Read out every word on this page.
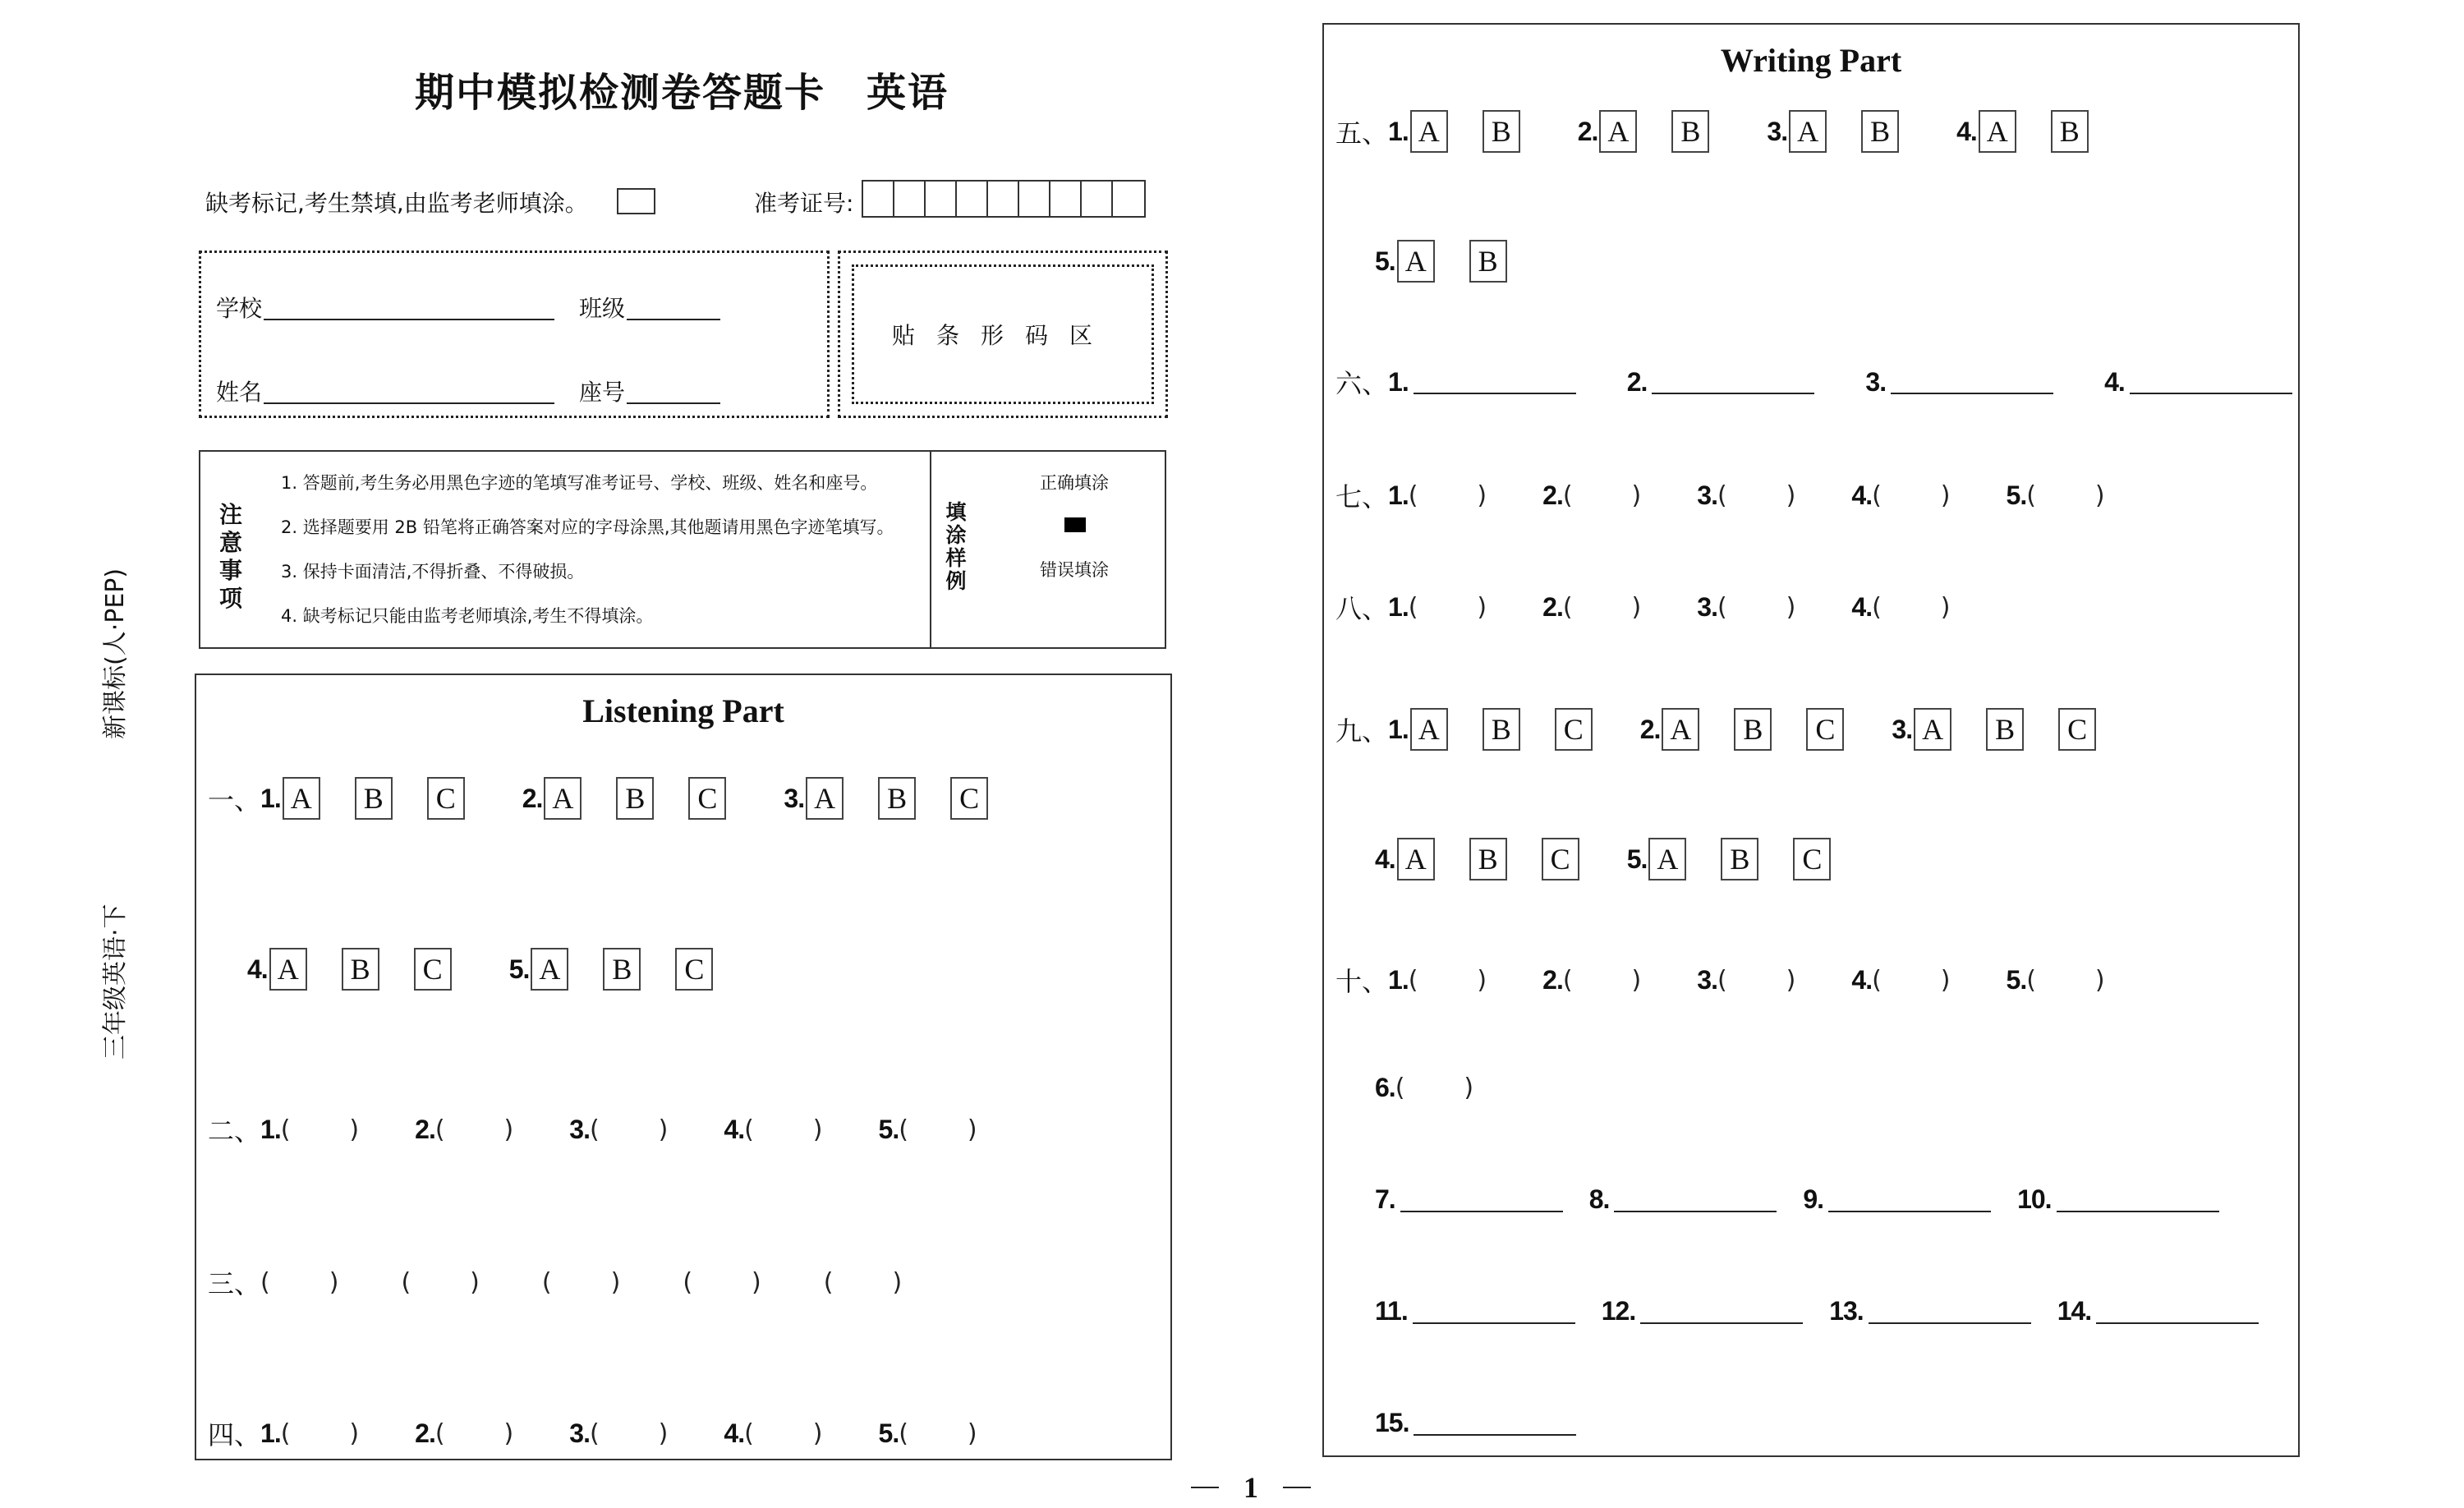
新课标(人·PEP)
三年级英语·下
期中模拟检测卷答题卡　英语
缺考标记,考生禁填,由监考老师填涂。	准考证号:
学校	班级
姓名	座号
贴条形码区
注意事项
1. 答题前,考生务必用黑色字迹的笔填写准考证号、学校、班级、姓名和座号。
2. 选择题要用 2B 铅笔将正确答案对应的字母涂黑,其他题请用黑色字迹笔填写。
3. 保持卡面清洁,不得折叠、不得破损。
4. 缺考标记只能由监考老师填涂,考生不得填涂。
填涂样例
正确填涂
错误填涂
Listening Part
一、 1. A	B	C	2. A	B	C	3. A	B	C
4. A	B	C	5. A	B	C
二、 1. ( ) 2. ( ) 3. ( ) 4. ( ) 5. ( )
三、 ( )	( )	( )	( )	( )
四、 1. ( ) 2. ( ) 3. ( ) 4. ( ) 5. ( )
Writing Part
五、 1. A	B	2. A	B	3. A	B	4. A	B
5. A	B
六、 1.	2.	3.	4.
七、 1. ( ) 2. ( ) 3. ( ) 4. ( ) 5. ( )
八、 1. ( ) 2. ( ) 3. ( ) 4. ( )
九、 1. A	B	C	2. A	B	C	3. A	B	C
4. A	B	C	5. A	B	C
十、 1. ( ) 2. ( ) 3. ( ) 4. ( ) 5. ( )
6. ( )
7.	8.	9.	10.
11.	12.	13.	14.
15.
1
